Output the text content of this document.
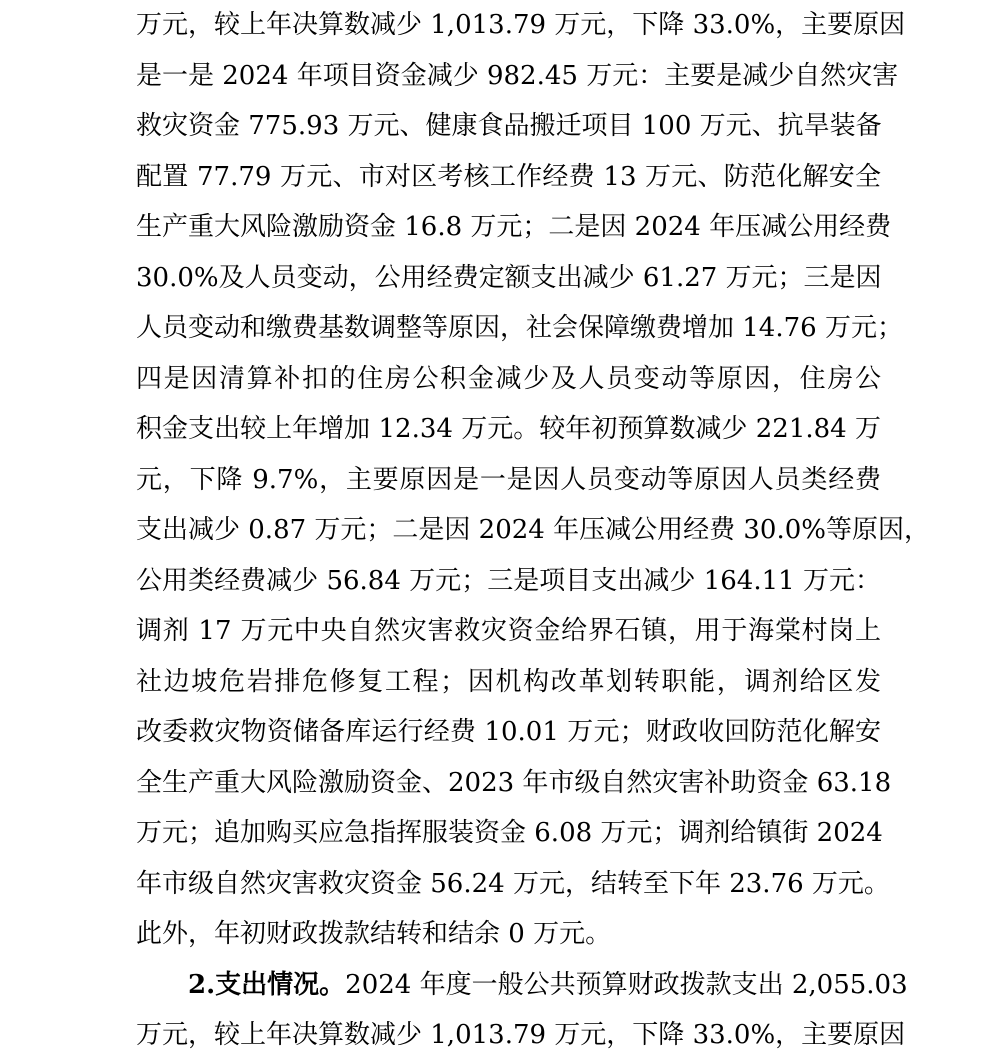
万元，较上年决算数减少 1,013.79 万元，下降 33.0%，主要原因
是一是 2024 年项目资金减少 982.45 万元：主要是减少自然灾害
救灾资金 775.93 万元、健康食品搬迁项目 100 万元、抗旱装备
配置 77.79 万元、市对区考核工作经费 13 万元、防范化解安全
生产重大风险激励资金 16.8 万元；二是因 2024 年压减公用经费
30.0%及人员变动，公用经费定额支出减少 61.27 万元；三是因
人员变动和缴费基数调整等原因，社会保障缴费增加 14.76 万元；
四是因清算补扣的住房公积金减少及人员变动等原因，住房公
积金支出较上年增加 12.34 万元。较年初预算数减少 221.84 万
元，下降 9.7%，主要原因是一是因人员变动等原因人员类经费
支出减少 0.87 万元；二是因 2024 年压减公用经费 30.0%等原因，
公用类经费减少 56.84 万元；三是项目支出减少 164.11 万元：
调剂 17 万元中央自然灾害救灾资金给界石镇，用于海棠村岗上
社边坡危岩排危修复工程；因机构改革划转职能，调剂给区发
改委救灾物资储备库运行经费 10.01 万元；财政收回防范化解安
全生产重大风险激励资金、2023 年市级自然灾害补助资金 63.18
万元；追加购买应急指挥服装资金 6.08 万元；调剂给镇街 2024
年市级自然灾害救灾资金 56.24 万元，结转至下年 23.76 万元。
此外，年初财政拨款结转和结余 0 万元。
2.支出情况。2024 年度一般公共预算财政拨款支出 2,055.03
万元，较上年决算数减少 1,013.79 万元，下降 33.0%，主要原因
